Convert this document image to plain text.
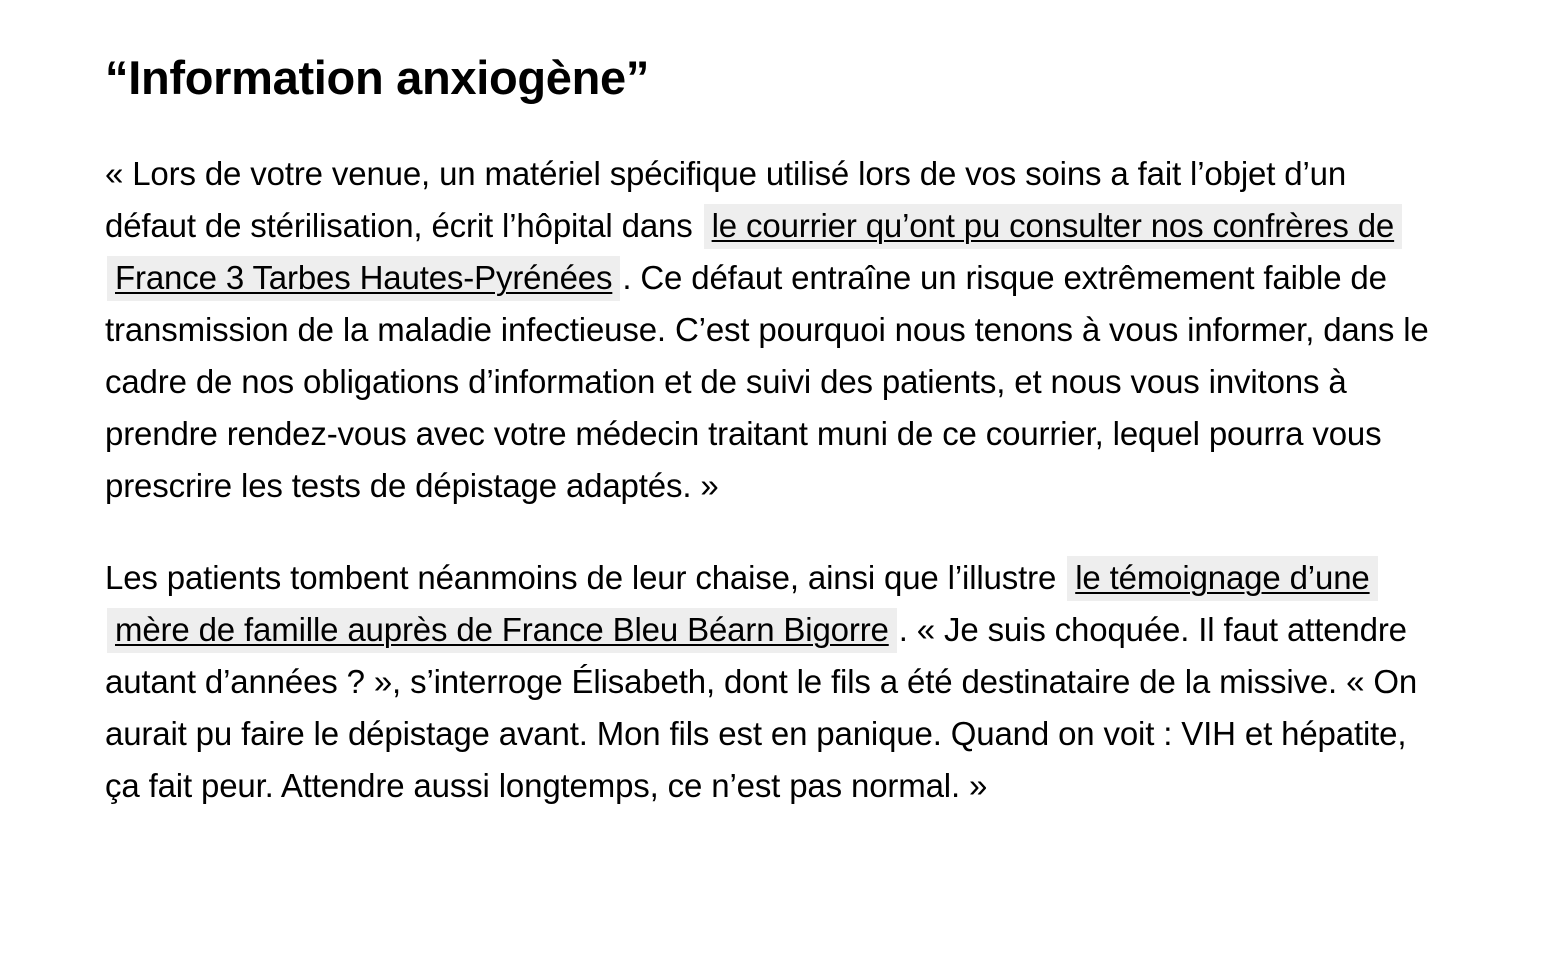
“Information anxiogène”

« Lors de votre venue, un matériel spécifique utilisé lors de vos soins a fait l’objet d’un défaut de stérilisation, écrit l’hôpital dans le courrier qu’ont pu consulter nos confrères de France 3 Tarbes Hautes-Pyrénées . Ce défaut entraîne un risque extrêmement faible de transmission de la maladie infectieuse. C’est pourquoi nous tenons à vous informer, dans le cadre de nos obligations d’information et de suivi des patients, et nous vous invitons à prendre rendez-vous avec votre médecin traitant muni de ce courrier, lequel pourra vous prescrire les tests de dépistage adaptés. »

Les patients tombent néanmoins de leur chaise, ainsi que l’illustre le témoignage d’une mère de famille auprès de France Bleu Béarn Bigorre . « Je suis choquée. Il faut attendre autant d’années ? », s’interroge Élisabeth, dont le fils a été destinataire de la missive. « On aurait pu faire le dépistage avant. Mon fils est en panique. Quand on voit : VIH et hépatite, ça fait peur. Attendre aussi longtemps, ce n’est pas normal. »
